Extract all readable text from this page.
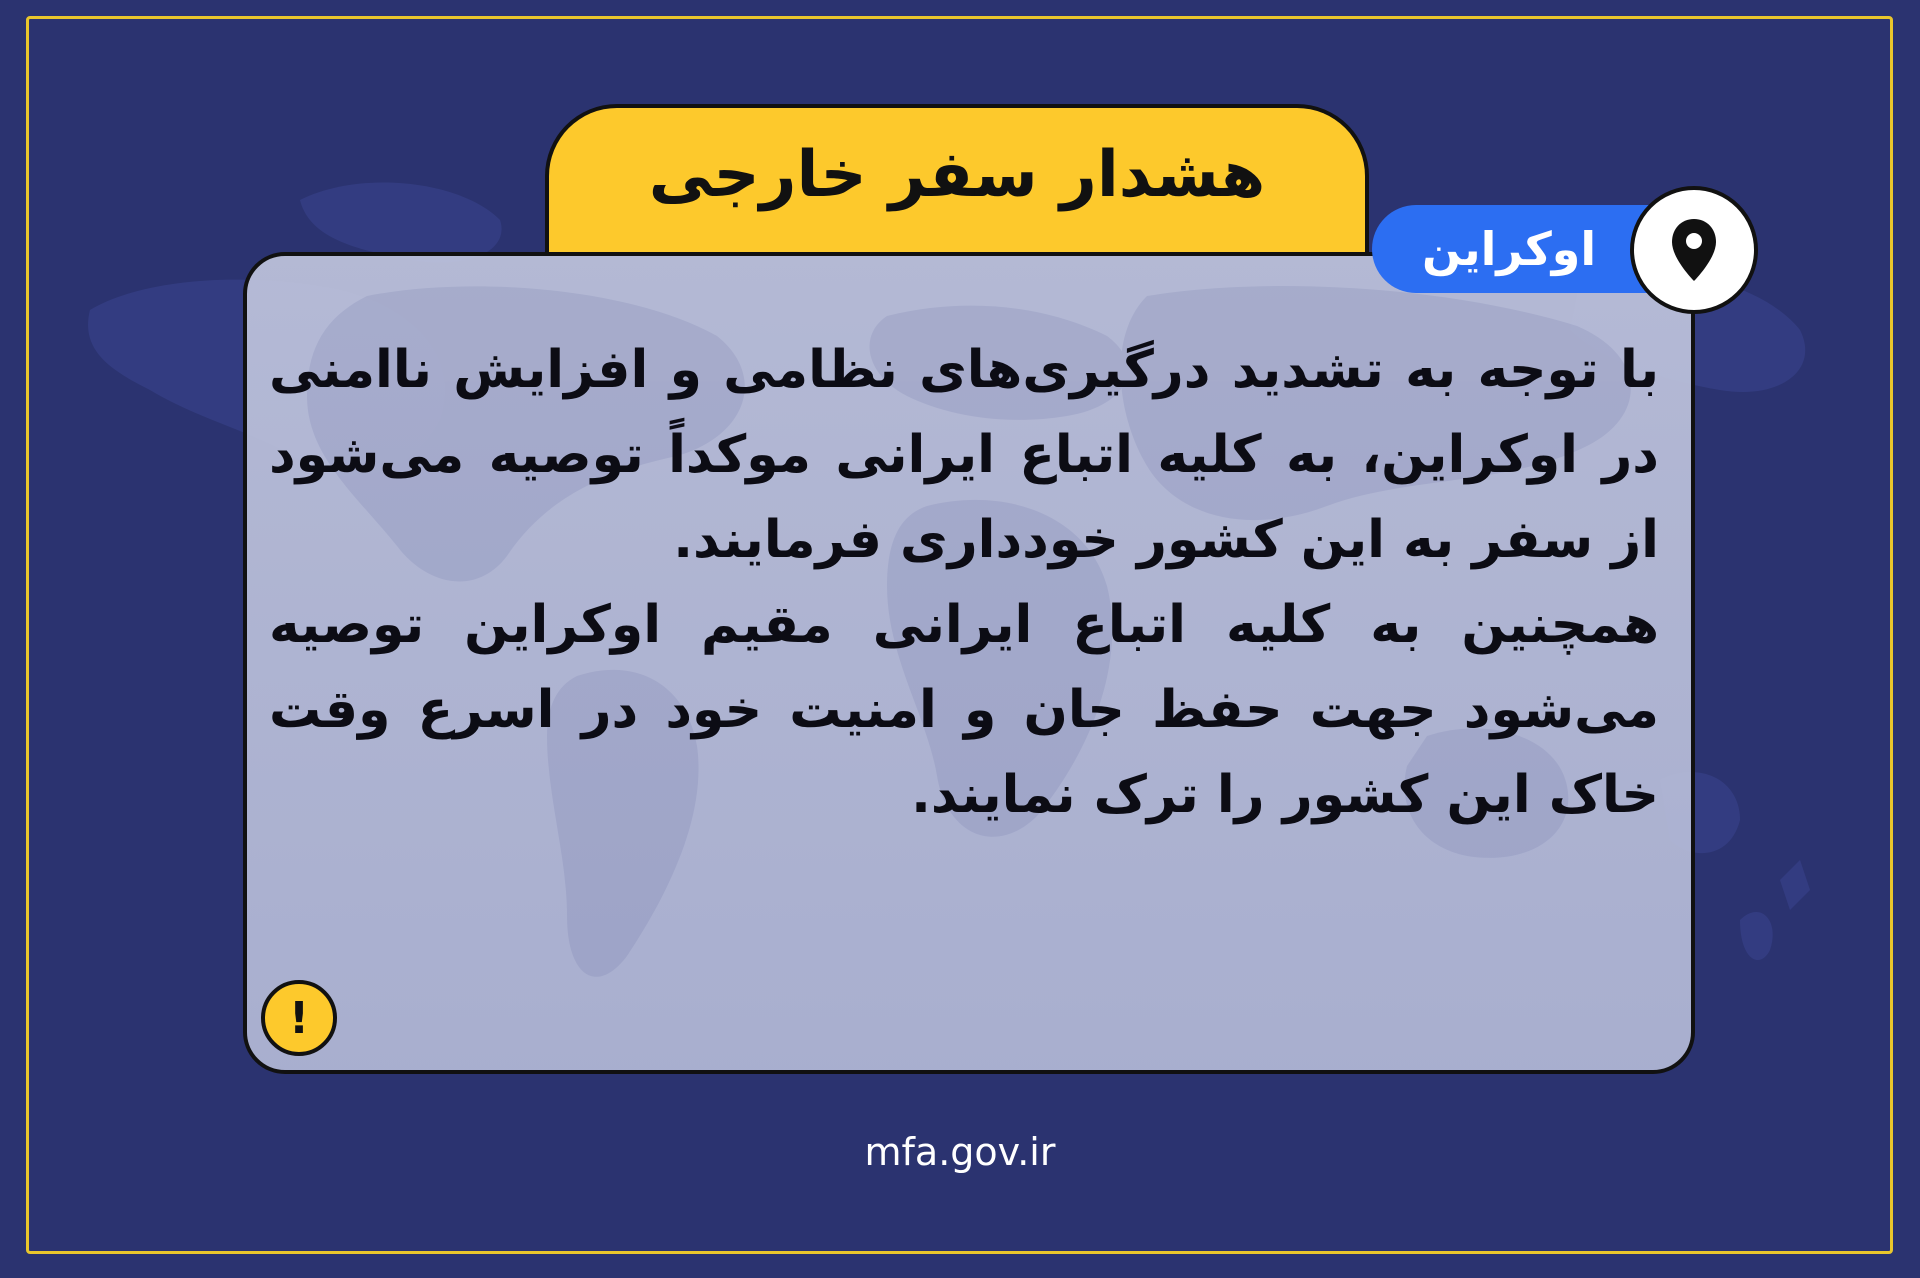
هشدار سفر خارجی

با توجه به تشدید درگیری‌های نظامی و افزایش ناامنی در اوکراین، به کلیه اتباع ایرانی موکداً توصیه می‌شود از سفر به این کشور خودداری فرمایند.

همچنین به کلیه اتباع ایرانی مقیم اوکراین توصیه می‌شود جهت حفظ جان و امنیت خود در اسرع وقت خاک این کشور را ترک نمایند.

!
اوکراین
mfa.gov.ir
